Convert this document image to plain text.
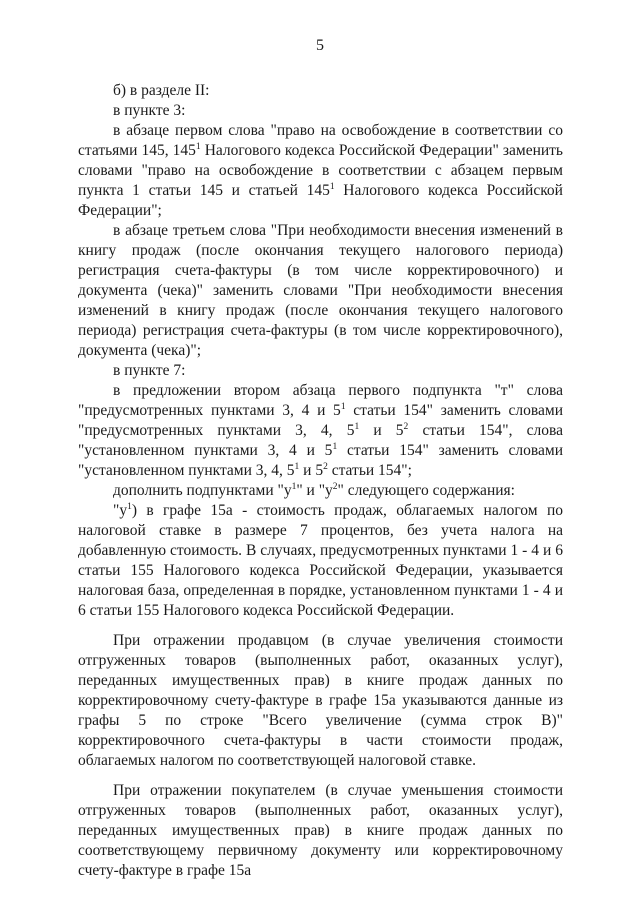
5

б) в разделе II:

в пункте 3:

в абзаце первом слова "право на освобождение в соответствии со статьями 145, $145^1$ Налогового кодекса Российской Федерации" заменить словами "право на освобождение в соответствии с абзацем первым пункта 1 статьи 145 и статьей $145^1$ Налогового кодекса Российской Федерации";

в абзаце третьем слова "При необходимости внесения изменений в книгу продаж (после окончания текущего налогового периода) регистрация счета-фактуры (в том числе корректировочного) и документа (чека)" заменить словами "При необходимости внесения изменений в книгу продаж (после окончания текущего налогового периода) регистрация счета-фактуры (в том числе корректировочного), документа (чека)";

в пункте 7:

в предложении втором абзаца первого подпункта "т" слова "предусмотренных пунктами 3, 4 и $5^1$ статьи 154" заменить словами "предусмотренных пунктами 3, 4, $5^1$ и $5^2$ статьи 154", слова "установленном пунктами 3, 4 и $5^1$ статьи 154" заменить словами "установленном пунктами 3, 4, $5^1$ и $5^2$ статьи 154";

дополнить подпунктами "$у^1$" и "$у^2$" следующего содержания:

"$у^1$) в графе 15а - стоимость продаж, облагаемых налогом по налоговой ставке в размере 7 процентов, без учета налога на добавленную стоимость. В случаях, предусмотренных пунктами 1 - 4 и 6 статьи 155 Налогового кодекса Российской Федерации, указывается налоговая база, определенная в порядке, установленном пунктами 1 - 4 и 6 статьи 155 Налогового кодекса Российской Федерации.

При отражении продавцом (в случае увеличения стоимости отгруженных товаров (выполненных работ, оказанных услуг), переданных имущественных прав) в книге продаж данных по корректировочному счету-фактуре в графе 15а указываются данные из графы 5 по строке "Всего увеличение (сумма строк В)" корректировочного счета-фактуры в части стоимости продаж, облагаемых налогом по соответствующей налоговой ставке.

При отражении покупателем (в случае уменьшения стоимости отгруженных товаров (выполненных работ, оказанных услуг), переданных имущественных прав) в книге продаж данных по соответствующему первичному документу или корректировочному счету-фактуре в графе 15а
